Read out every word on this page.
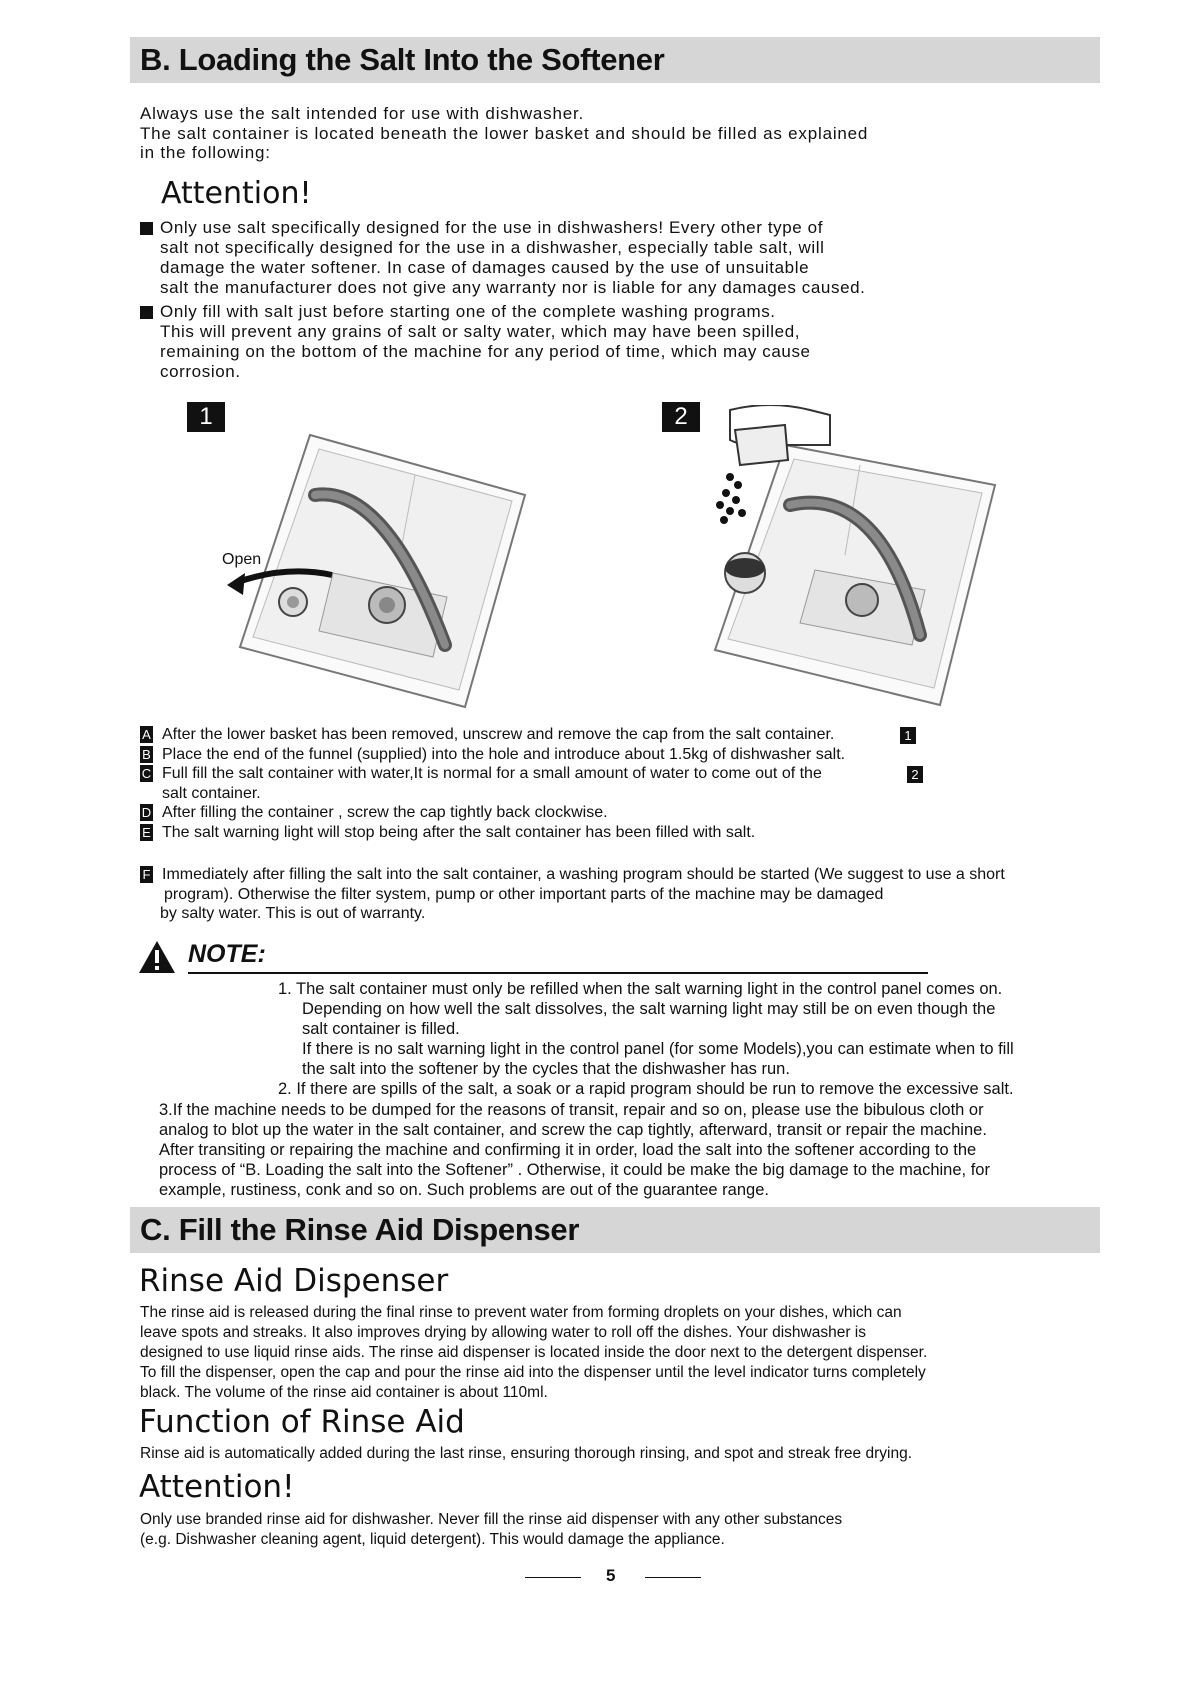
B. Loading the Salt Into the Softener
Always use the salt intended for use with dishwasher.
The salt container is located beneath the lower basket and should be filled as explained
in the following:
Attention!
Only use salt specifically designed for the use in dishwashers! Every other type of
salt not specifically designed for the use in a dishwasher, especially table salt, will
damage the water softener. In case of damages caused by the use of unsuitable
salt the manufacturer does not give any warranty nor is liable for any damages caused.
Only fill with salt just before starting one of the complete washing programs.
This will prevent any grains of salt or salty water, which may have been spilled,
remaining on the bottom of the machine for any period of time, which may cause
corrosion.
1	2
Open
A After the lower basket has been removed, unscrew and remove the cap from the salt container.	1
B Place the end of the funnel (supplied) into the hole and introduce about 1.5kg of dishwasher salt.
C Full fill the salt container with water,It is normal for a small amount of water to come out of the	2
salt container.
D After filling the container , screw the cap tightly back clockwise.
E The salt warning light will stop being after the salt container has been filled with salt.
F Immediately after filling the salt into the salt container, a washing program should be started (We suggest to use a short
program). Otherwise the filter system, pump or other important parts of the machine may be damaged
by salty water. This is out of warranty.
NOTE:
1. The salt container must only be refilled when the salt warning light in the control panel comes on.
Depending on how well the salt dissolves, the salt warning light may still be on even though the
salt container is filled.
If there is no salt warning light in the control panel (for some Models),you can estimate when to fill
the salt into the softener by the cycles that the dishwasher has run.
2. If there are spills of the salt, a soak or a rapid program should be run to remove the excessive salt.
3.If the machine needs to be dumped for the reasons of transit, repair and so on, please use the bibulous cloth or
analog to blot up the water in the salt container, and screw the cap tightly, afterward, transit or repair the machine.
After transiting or repairing the machine and confirming it in order, load the salt into the softener according to the
process of “B. Loading the salt into the Softener” . Otherwise, it could be make the big damage to the machine, for
example, rustiness, conk and so on. Such problems are out of the guarantee range.
C. Fill the Rinse Aid Dispenser
Rinse Aid Dispenser
The rinse aid is released during the final rinse to prevent water from forming droplets on your dishes, which can
leave spots and streaks. It also improves drying by allowing water to roll off the dishes. Your dishwasher is
designed to use liquid rinse aids. The rinse aid dispenser is located inside the door next to the detergent dispenser.
To fill the dispenser, open the cap and pour the rinse aid into the dispenser until the level indicator turns completely
black. The volume of the rinse aid container is about 110ml.
Function of Rinse Aid
Rinse aid is automatically added during the last rinse, ensuring thorough rinsing, and spot and streak free drying.
Attention!
Only use branded rinse aid for dishwasher. Never fill the rinse aid dispenser with any other substances
(e.g. Dishwasher cleaning agent, liquid detergent). This would damage the appliance.
5
